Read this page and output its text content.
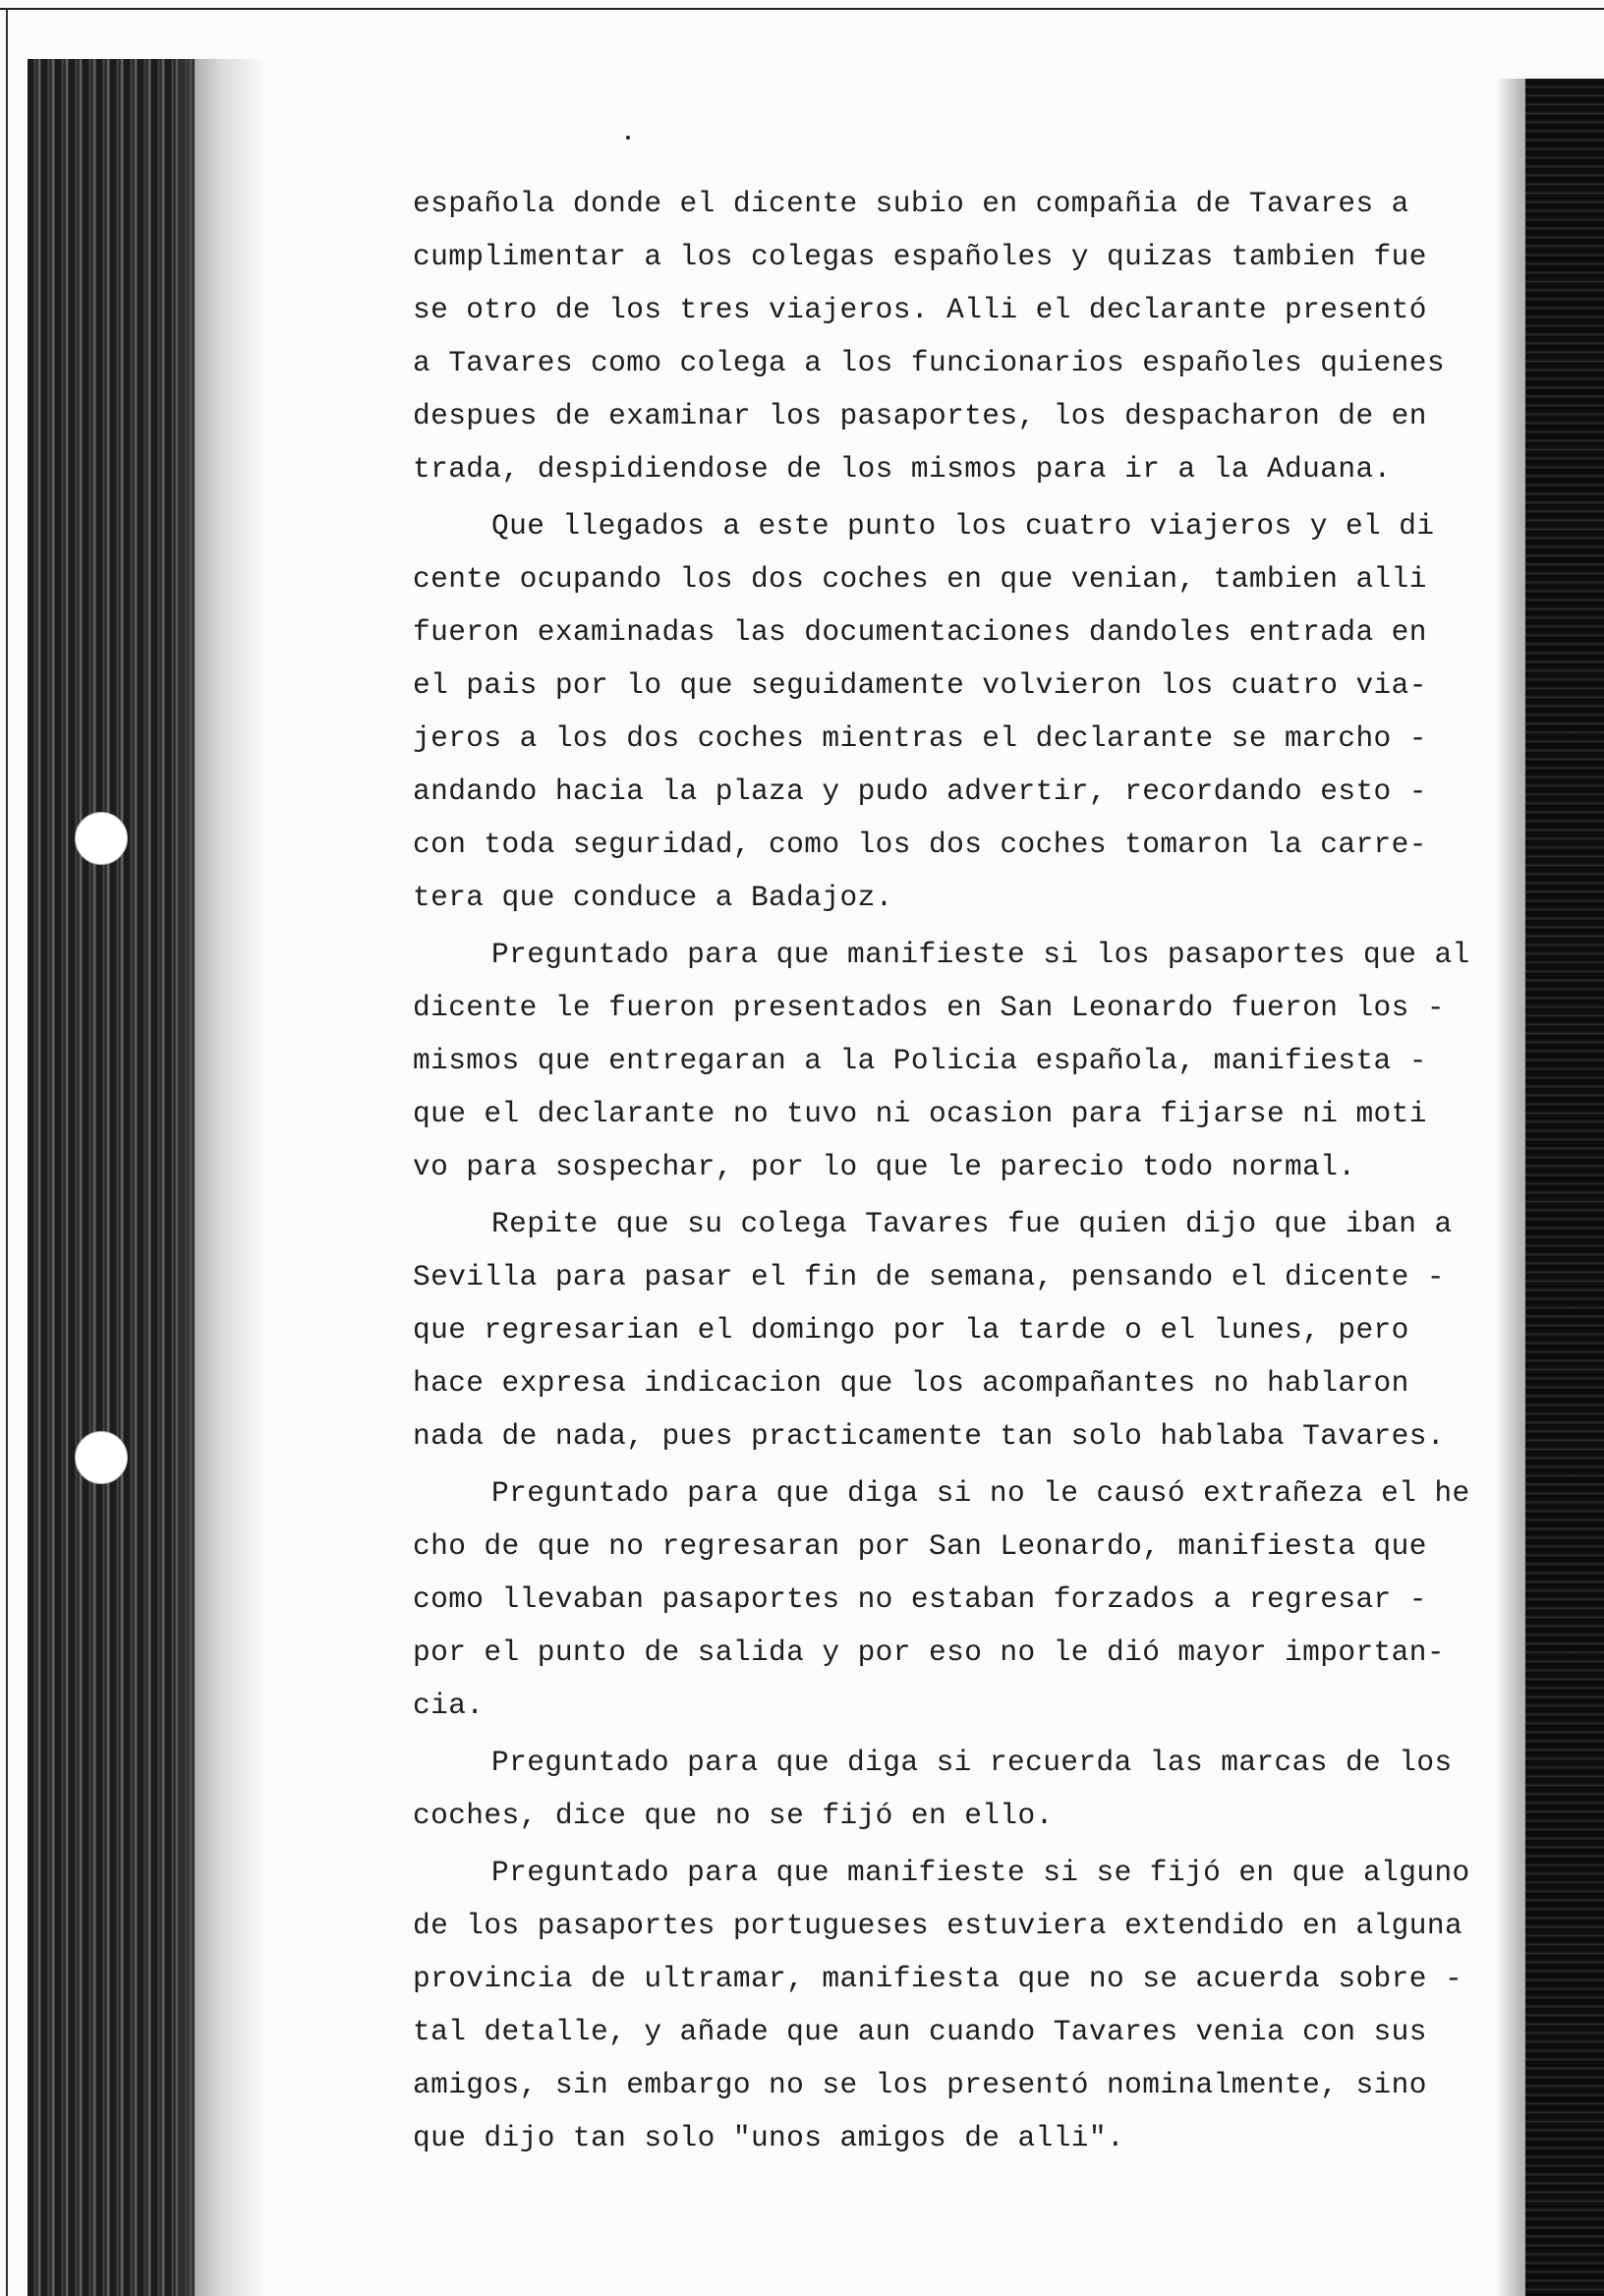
española donde el dicente subio en compañia de Tavares a
cumplimentar a los colegas españoles y quizas tambien fue
se otro de los tres viajeros. Alli el declarante presentó
a Tavares como colega a los funcionarios españoles quienes
despues de examinar los pasaportes, los despacharon de en
trada, despidiendose de los mismos para ir a la Aduana.
Que llegados a este punto los cuatro viajeros y el di
cente ocupando los dos coches en que venian, tambien alli
fueron examinadas las documentaciones dandoles entrada en
el pais por lo que seguidamente volvieron los cuatro via-
jeros a los dos coches mientras el declarante se marcho -
andando hacia la plaza y pudo advertir, recordando esto -
con toda seguridad, como los dos coches tomaron la carre-
tera que conduce a Badajoz.
Preguntado para que manifieste si los pasaportes que al
dicente le fueron presentados en San Leonardo fueron los -
mismos que entregaran a la Policia española, manifiesta -
que el declarante no tuvo ni ocasion para fijarse ni moti
vo para sospechar, por lo que le parecio todo normal.
Repite que su colega Tavares fue quien dijo que iban a
Sevilla para pasar el fin de semana, pensando el dicente -
que regresarian el domingo por la tarde o el lunes, pero
hace expresa indicacion que los acompañantes no hablaron
nada de nada, pues practicamente tan solo hablaba Tavares.
Preguntado para que diga si no le causó extrañeza el he
cho de que no regresaran por San Leonardo, manifiesta que
como llevaban pasaportes no estaban forzados a regresar -
por el punto de salida y por eso no le dió mayor importan-
cia.
Preguntado para que diga si recuerda las marcas de los
coches, dice que no se fijó en ello.
Preguntado para que manifieste si se fijó en que alguno
de los pasaportes portugueses estuviera extendido en alguna
provincia de ultramar, manifiesta que no se acuerda sobre -
tal detalle, y añade que aun cuando Tavares venia con sus
amigos, sin embargo no se los presentó nominalmente, sino
que dijo tan solo "unos amigos de alli".
